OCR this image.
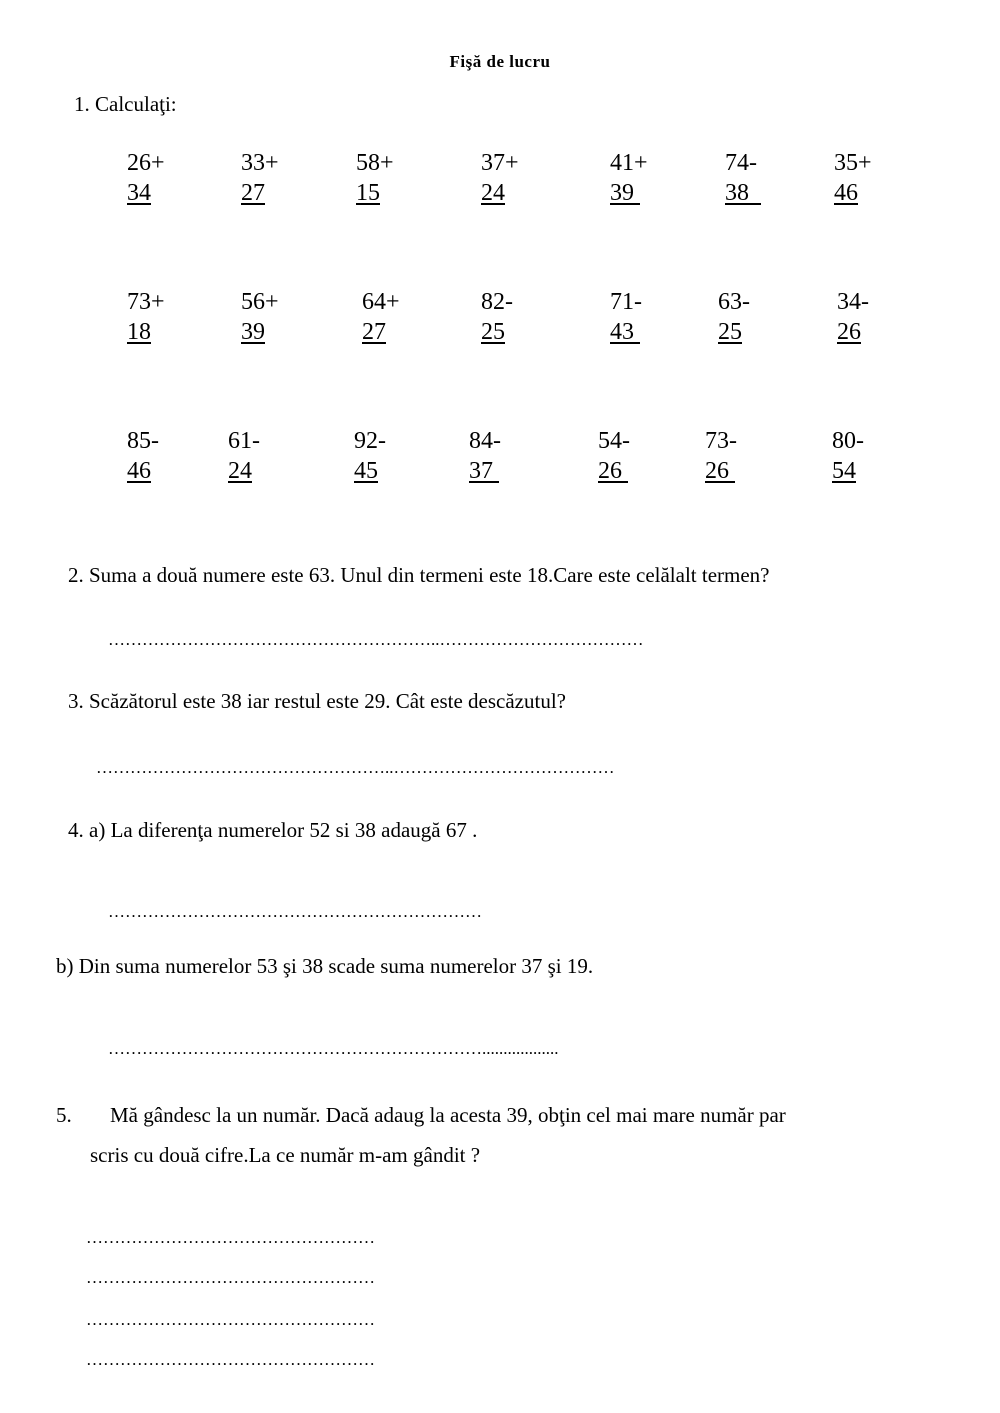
Fişă de lucru
1. Calculaţi:
26+
34
33+
27
58+
15
37+
24
41+
39
74-
38
35+
46
73+
18
56+
39
64+
27
82-
25
71-
43
63-
25
34-
26
85-
46
61-
24
92-
45
84-
37
54-
26
73-
26
80-
54
2. Suma a două numere este 63. Unul din termeni este 18.Care este celălalt termen?
…………………………………………………..………………………………
3. Scăzătorul este 38 iar restul este 29. Cât este descăzutul?
……………………………………………..…………………………………
4. a) La diferenţa numerelor 52 si 38 adaugă 67 .
…………………………………………………………
b) Din suma numerelor 53 şi 38 scade suma numerelor 37 şi 19.
…………………………………………………………..................
5. Mă gândesc la un număr. Dacă adaug la acesta 39, obţin cel mai mare număr par
scris cu două cifre.La ce număr m-am gândit ?
……………………………………………
……………………………………………
……………………………………………
……………………………………………
